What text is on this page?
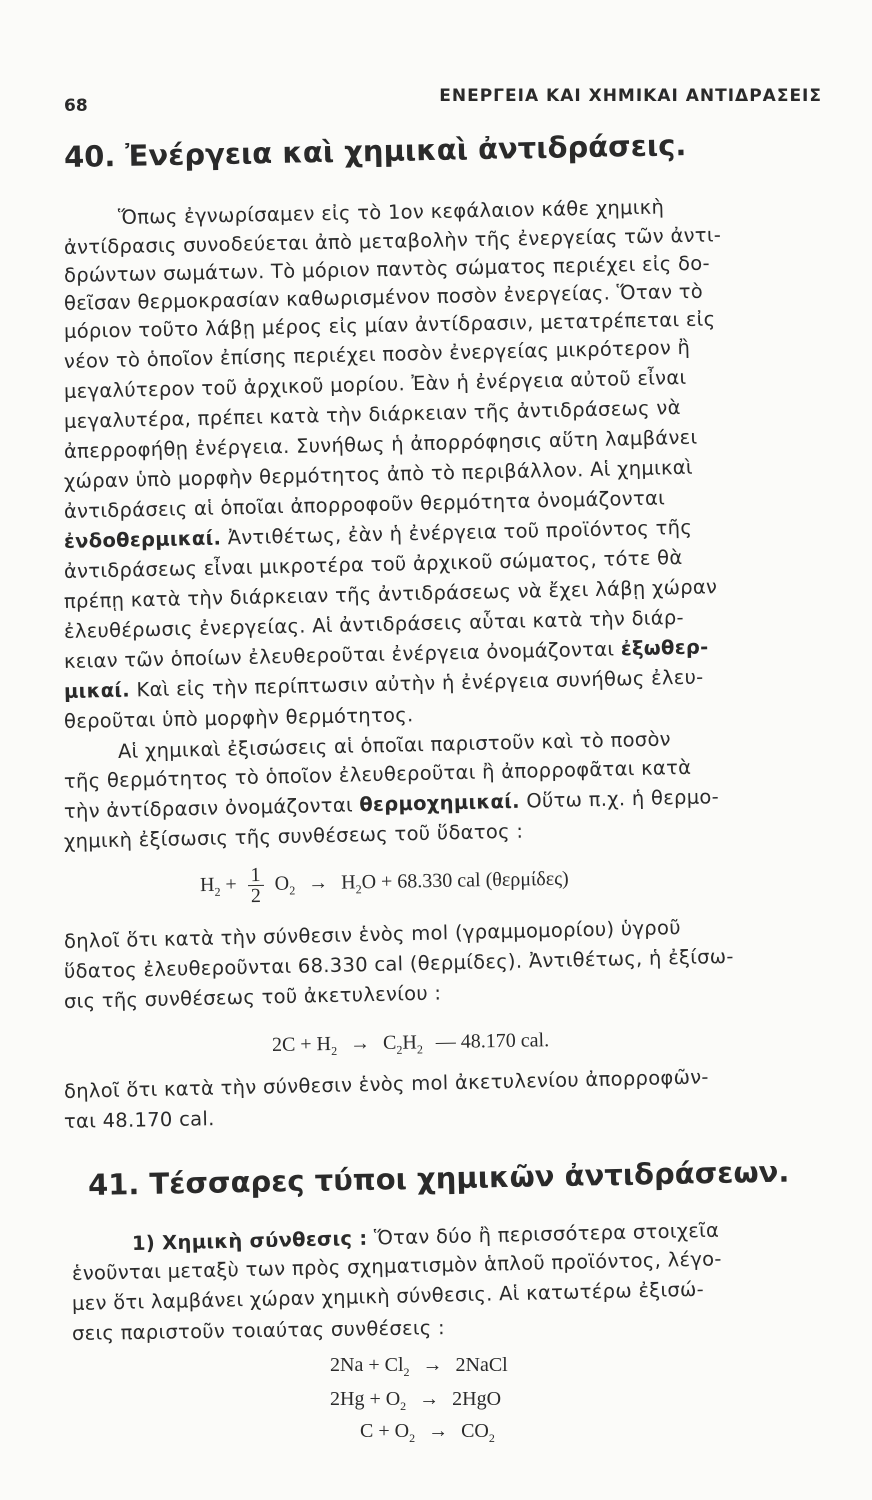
68	ΕΝΕΡΓΕΙΑ ΚΑΙ ΧΗΜΙΚΑΙ ΑΝΤΙΔΡΑΣΕΙΣ
40. Ἐνέργεια καὶ χημικαὶ ἀντιδράσεις.
Ὅπως ἐγνωρίσαμεν εἰς τὸ 1ον κεφάλαιον κάθε χημικὴ
ἀντίδρασις συνοδεύεται ἀπὸ μεταβολὴν τῆς ἐνεργείας τῶν ἀντι-
δρώντων σωμάτων. Τὸ μόριον παντὸς σώματος περιέχει εἰς δο-
θεῖσαν θερμοκρασίαν καθωρισμένον ποσὸν ἐνεργείας. Ὅταν τὸ
μόριον τοῦτο λάβῃ μέρος εἰς μίαν ἀντίδρασιν, μετατρέπεται εἰς
νέον τὸ ὁποῖον ἐπίσης περιέχει ποσὸν ἐνεργείας μικρότερον ἢ
μεγαλύτερον τοῦ ἀρχικοῦ μορίου. Ἐὰν ἡ ἐνέργεια αὐτοῦ εἶναι
μεγαλυτέρα, πρέπει κατὰ τὴν διάρκειαν τῆς ἀντιδράσεως νὰ
ἀπερροφήθῃ ἐνέργεια. Συνήθως ἡ ἀπορρόφησις αὕτη λαμβάνει
χώραν ὑπὸ μορφὴν θερμότητος ἀπὸ τὸ περιβάλλον. Αἱ χημικαὶ
ἀντιδράσεις αἱ ὁποῖαι ἀπορροφοῦν θερμότητα ὀνομάζονται
ἐνδοθερμικαί. Ἀντιθέτως, ἐὰν ἡ ἐνέργεια τοῦ προϊόντος τῆς
ἀντιδράσεως εἶναι μικροτέρα τοῦ ἀρχικοῦ σώματος, τότε θὰ
πρέπῃ κατὰ τὴν διάρκειαν τῆς ἀντιδράσεως νὰ ἔχει λάβῃ χώραν
ἐλευθέρωσις ἐνεργείας. Αἱ ἀντιδράσεις αὗται κατὰ τὴν διάρ-
κειαν τῶν ὁποίων ἐλευθεροῦται ἐνέργεια ὀνομάζονται ἐξωθερ-
μικαί. Καὶ εἰς τὴν περίπτωσιν αὐτὴν ἡ ἐνέργεια συνήθως ἐλευ-
θεροῦται ὑπὸ μορφὴν θερμότητος.
Αἱ χημικαὶ ἐξισώσεις αἱ ὁποῖαι παριστοῦν καὶ τὸ ποσὸν
τῆς θερμότητος τὸ ὁποῖον ἐλευθεροῦται ἢ ἀπορροφᾶται κατὰ
τὴν ἀντίδρασιν ὀνομάζονται θερμοχημικαί. Οὕτω π.χ. ἡ θερμο-
χημικὴ ἐξίσωσις τῆς συνθέσεως τοῦ ὕδατος :
$H_2 + \frac{1}{2} O_2 \to H_2O + 68.330$ cal (θερμίδες)
δηλοῖ ὅτι κατὰ τὴν σύνθεσιν ἑνὸς mol (γραμμομορίου) ὑγροῦ
ὕδατος ἐλευθεροῦνται 68.330 cal (θερμίδες). Ἀντιθέτως, ἡ ἐξίσω-
σις τῆς συνθέσεως τοῦ ἀκετυλενίου :
$2C + H_2 \to C_2H_2$ — 48.170 cal.
δηλοῖ ὅτι κατὰ τὴν σύνθεσιν ἑνὸς mol ἀκετυλενίου ἀπορροφῶν-
ται 48.170 cal.
41. Τέσσαρες τύποι χημικῶν ἀντιδράσεων.
1) Χημικὴ σύνθεσις : Ὅταν δύο ἢ περισσότερα στοιχεῖα
ἑνοῦνται μεταξὺ των πρὸς σχηματισμὸν ἁπλοῦ προϊόντος, λέγο-
μεν ὅτι λαμβάνει χώραν χημικὴ σύνθεσις. Αἱ κατωτέρω ἐξισώ-
σεις παριστοῦν τοιαύτας συνθέσεις :
$2Na + Cl_2$ → 2NaCl
$2Hg + O_2 \to 2HgO$
$C + O_2 \to CO_2$
